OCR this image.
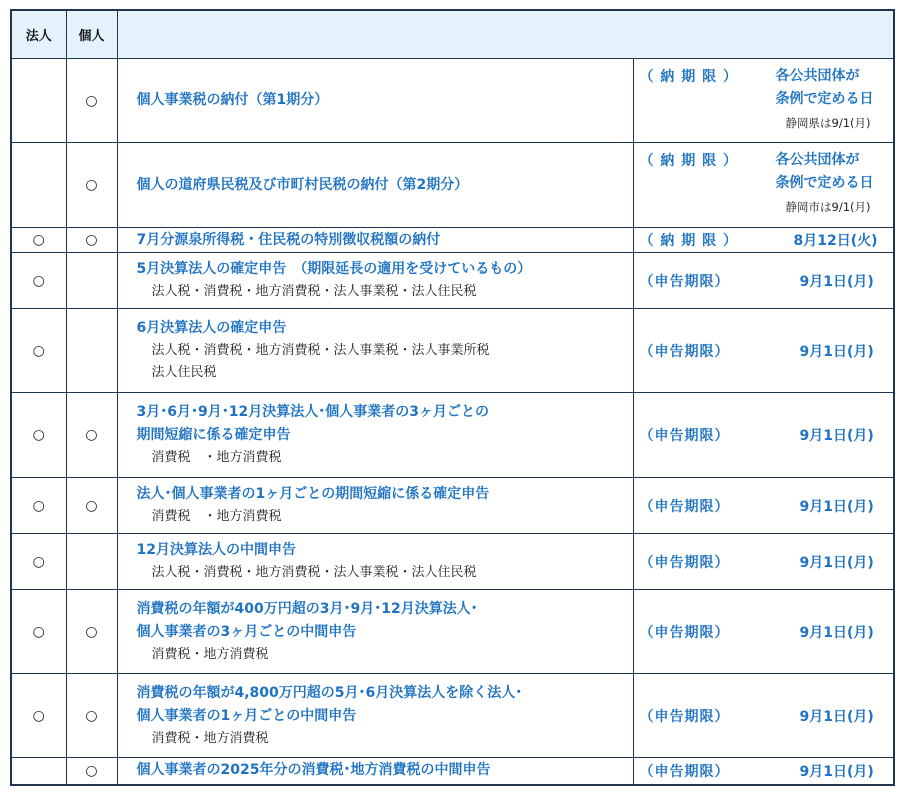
法人	個人		
	○	個人事業税の納付（第1期分）	（ 納 期 限 ） 各公共団体が
条例で定める日
静岡県は9/1(月)

	○	個人の道府県民税及び市町村民税の納付（第2期分）	（ 納 期 限 ） 各公共団体が
条例で定める日
静岡市は9/1(月)

○	○	7月分源泉所得税・住民税の特別徴収税額の納付	（ 納 期 限 ） 8月12日(火)

○		5月決算法人の確定申告　（期限延長の適用を受けているもの）
法人税・消費税・地方消費税・法人事業税・法人住民税	（申告期限） 9月1日(月)

○		6月決算法人の確定申告
法人税・消費税・地方消費税・法人事業税・法人事業所税
法人住民税	（申告期限） 9月1日(月)

○	○	3月･6月･9月･12月決算法人･個人事業者の3ヶ月ごとの
期間短縮に係る確定申告
消費税　・地方消費税	（申告期限） 9月1日(月)

○	○	法人･個人事業者の1ヶ月ごとの期間短縮に係る確定申告
消費税　・地方消費税	（申告期限） 9月1日(月)

○		12月決算法人の中間申告
法人税・消費税・地方消費税・法人事業税・法人住民税	（申告期限） 9月1日(月)

○	○	消費税の年額が400万円超の3月･9月･12月決算法人･
個人事業者の3ヶ月ごとの中間申告
消費税・地方消費税	（申告期限） 9月1日(月)

○	○	消費税の年額が4,800万円超の5月･6月決算法人を除く法人･
個人事業者の1ヶ月ごとの中間申告
消費税・地方消費税	（申告期限） 9月1日(月)

	○	個人事業者の2025年分の消費税･地方消費税の中間申告	（申告期限） 9月1日(月)
